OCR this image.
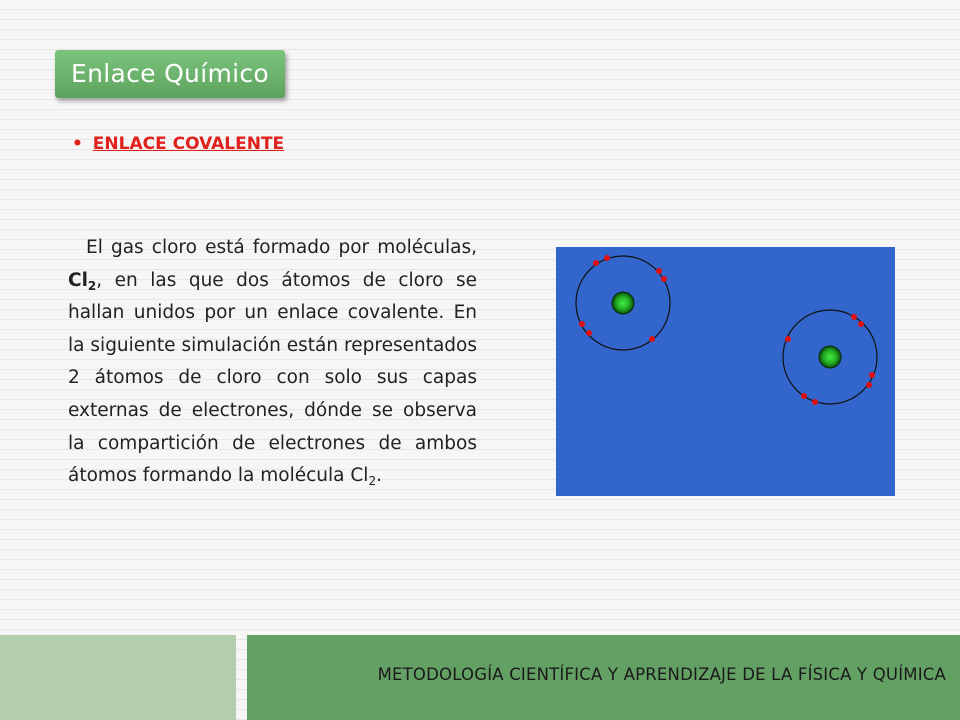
Enlace Químico
• ENLACE COVALENTE
El gas cloro está formado por moléculas, $Cl_2$, en las que dos átomos de cloro se hallan unidos por un enlace covalente. En la siguiente simulación están representados 2 átomos de cloro con solo sus capas externas de electrones, dónde se observa la compartición de electrones de ambos átomos formando la molécula $Cl_2$.
METODOLOGÍA CIENTÍFICA Y APRENDIZAJE DE LA FÍSICA Y QUÍMICA
